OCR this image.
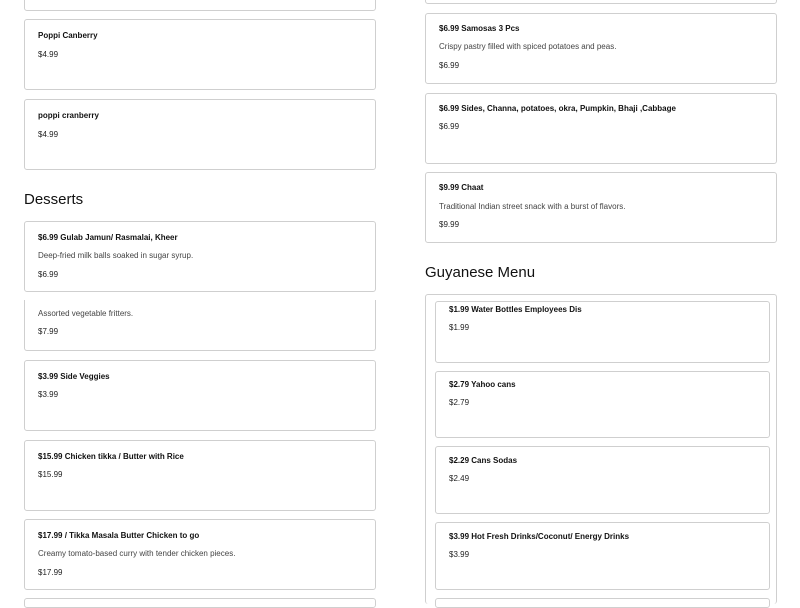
Poppi Canberry
$4.99
poppi cranberry
$4.99
Desserts
$6.99 Gulab Jamun/ Rasmalai, Kheer
Deep-fried milk balls soaked in sugar syrup.
$6.99
Assorted vegetable fritters.
$7.99
$3.99 Side Veggies
$3.99
$15.99 Chicken tikka / Butter with Rice
$15.99
$17.99 / Tikka Masala Butter Chicken to go
Creamy tomato-based curry with tender chicken pieces.
$17.99
$6.99 Samosas 3 Pcs
Crispy pastry filled with spiced potatoes and peas.
$6.99
$6.99 Sides, Channa, potatoes, okra, Pumpkin, Bhaji ,Cabbage
$6.99
$9.99 Chaat
Traditional Indian street snack with a burst of flavors.
$9.99
Guyanese Menu
$1.99 Water Bottles Employees Dis
$1.99
$2.79 Yahoo cans
$2.79
$2.29 Cans Sodas
$2.49
$3.99 Hot Fresh Drinks/Coconut/ Energy Drinks
$3.99
